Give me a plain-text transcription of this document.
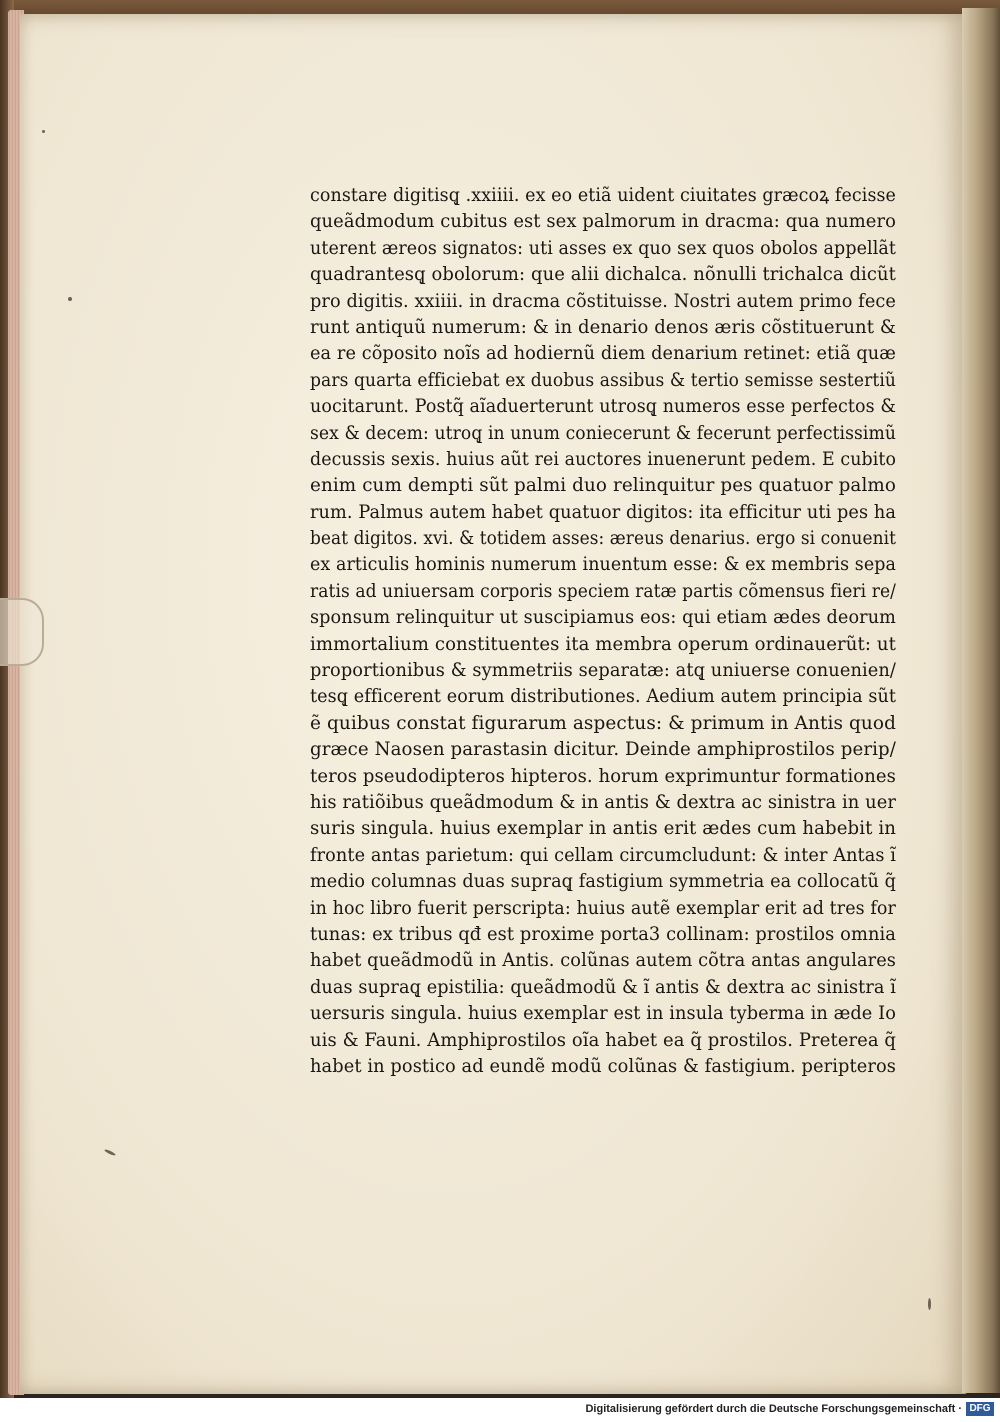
constare digitisq̨ .xxiiii. ex eo etiã uident ciuitates græcoꝝ fecisse
queãdmodum cubitus est sex palmorum in dracma: qua numero
uterent æreos signatos: uti asses ex quo sex quos obolos appellãt
quadrantesq̨ obolorum: que alii dichalca. nõnulli trichalca dicũt
pro digitis. xxiiii. in dracma cõstituisse. Nostri autem primo fece
runt antiquũ numerum: & in denario denos æris cõstituerunt &
ea re cõposito noĩs ad hodiernũ diem denarium retinet: etiã quæ
pars quarta efficiebat ex duobus assibus & tertio semisse sestertiũ
uocitarunt. Postq̃ aĩaduerterunt utrosq̨ numeros esse perfectos &
sex & decem: utroq̨ in unum coniecerunt & fecerunt perfectissimũ
decussis sexis. huius aũt rei auctores inuenerunt pedem. E cubito
enim cum dempti sũt palmi duo relinquitur pes quatuor palmo
rum. Palmus autem habet quatuor digitos: ita efficitur uti pes ha
beat digitos. xvi. & totidem asses: æreus denarius. ergo si conuenit
ex articulis hominis numerum inuentum esse: & ex membris sepa
ratis ad uniuersam corporis speciem ratæ partis cõmensus fieri re/
sponsum relinquitur ut suscipiamus eos: qui etiam ædes deorum
immortalium constituentes ita membra operum ordinauerũt: ut
proportionibus & symmetriis separatæ: atq̨ uniuerse conuenien/
tesq̨ efficerent eorum distributiones. Aedium autem principia sũt
ẽ quibus constat figurarum aspectus: & primum in Antis quod
græce Naosen parastasin dicitur. Deinde amphiprostilos perip/
teros pseudodipteros hipteros. horum exprimuntur formationes
his ratiõibus queãdmodum & in antis & dextra ac sinistra in uer
suris singula. huius exemplar in antis erit ædes cum habebit in
fronte antas parietum: qui cellam circumcludunt: & inter Antas ĩ
medio columnas duas supraq̨ fastigium symmetria ea collocatũ q̃
in hoc libro fuerit perscripta: huius autẽ exemplar erit ad tres for
tunas: ex tribus qđ est proxime porta3 collinam: prostilos omnia
habet queãdmodũ in Antis. colũnas autem cõtra antas angulares
duas supraq̨ epistilia: queãdmodũ & ĩ antis & dextra ac sinistra ĩ
uersuris singula. huius exemplar est in insula tyberma in æde Io
uis & Fauni. Amphiprostilos oĩa habet ea q̃ prostilos. Preterea q̃
habet in postico ad eundẽ modũ colũnas & fastigium. peripteros
Digitalisierung gefördert durch die Deutsche Forschungsgemeinschaft · DFG
